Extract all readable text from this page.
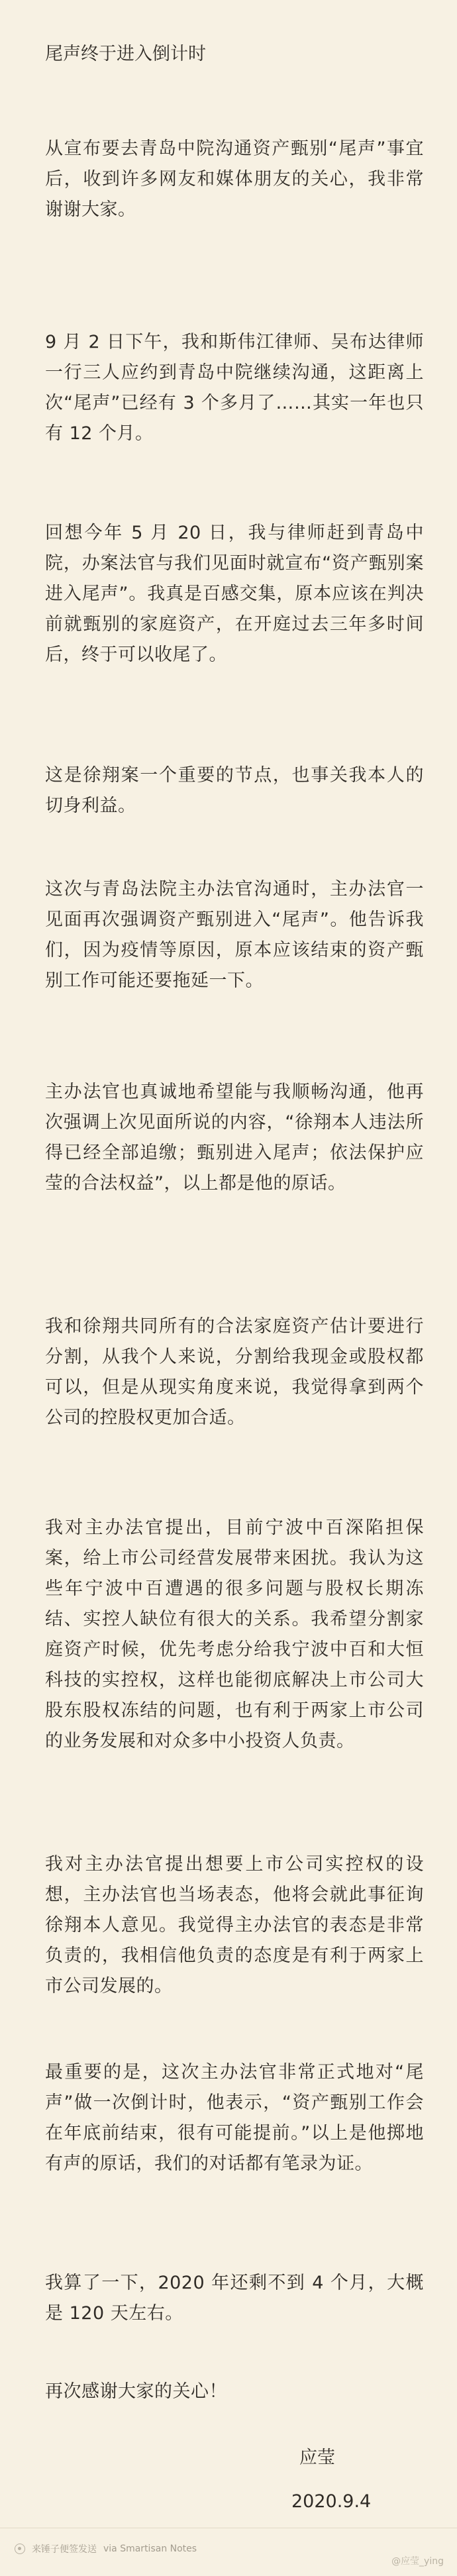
尾声终于进入倒计时
从宣布要去青岛中院沟通资产甄别“尾声”事宜后，收到许多网友和媒体朋友的关心，我非常谢谢大家。
9 月 2 日下午，我和斯伟江律师、吴布达律师一行三人应约到青岛中院继续沟通，这距离上次“尾声”已经有 3 个多月了……其实一年也只有 12 个月。
回想今年 5 月 20 日，我与律师赶到青岛中院，办案法官与我们见面时就宣布“资产甄别案进入尾声”。我真是百感交集，原本应该在判决前就甄别的家庭资产，在开庭过去三年多时间后，终于可以收尾了。
这是徐翔案一个重要的节点，也事关我本人的切身利益。
这次与青岛法院主办法官沟通时，主办法官一见面再次强调资产甄别进入“尾声”。他告诉我们，因为疫情等原因，原本应该结束的资产甄别工作可能还要拖延一下。
主办法官也真诚地希望能与我顺畅沟通，他再次强调上次见面所说的内容，“徐翔本人违法所得已经全部追缴；甄别进入尾声；依法保护应莹的合法权益”，以上都是他的原话。
我和徐翔共同所有的合法家庭资产估计要进行分割，从我个人来说，分割给我现金或股权都可以，但是从现实角度来说，我觉得拿到两个公司的控股权更加合适。
我对主办法官提出，目前宁波中百深陷担保案，给上市公司经营发展带来困扰。我认为这些年宁波中百遭遇的很多问题与股权长期冻结、实控人缺位有很大的关系。我希望分割家庭资产时候，优先考虑分给我宁波中百和大恒科技的实控权，这样也能彻底解决上市公司大股东股权冻结的问题，也有利于两家上市公司的业务发展和对众多中小投资人负责。
我对主办法官提出想要上市公司实控权的设想，主办法官也当场表态，他将会就此事征询徐翔本人意见。我觉得主办法官的表态是非常负责的，我相信他负责的态度是有利于两家上市公司发展的。
最重要的是，这次主办法官非常正式地对“尾声”做一次倒计时，他表示，“资产甄别工作会在年底前结束，很有可能提前。”以上是他掷地有声的原话，我们的对话都有笔录为证。
我算了一下，2020 年还剩不到 4 个月，大概是 120 天左右。
再次感谢大家的关心！
应莹
2020.9.4
来锤子便签发送 via Smartisan Notes
@应莹_ying
